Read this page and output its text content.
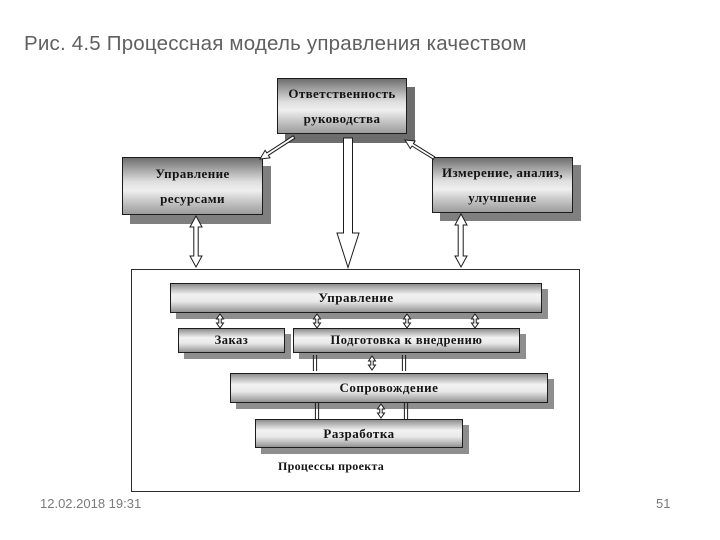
Рис. 4.5 Процессная модель управления качеством
Ответственность руководства
Управление ресурсами
Измерение, анализ, улучшение
Управление
Заказ	Подготовка к внедрению
Сопровождение
Разработка
Процессы проекта
12.02.2018 19:31	51
